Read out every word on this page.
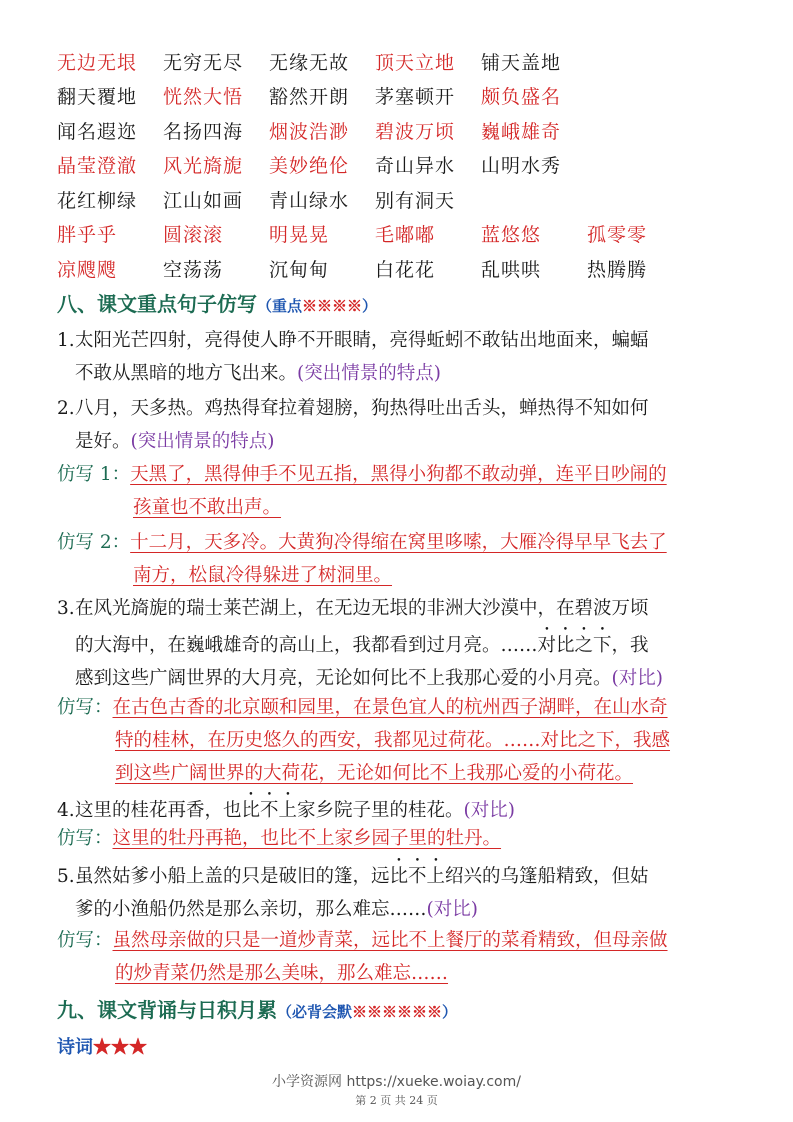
无边无垠	无穷无尽	无缘无故	顶天立地	铺天盖地
翻天覆地	恍然大悟	豁然开朗	茅塞顿开	颇负盛名
闻名遐迩	名扬四海	烟波浩渺	碧波万顷	巍峨雄奇
晶莹澄澈	风光旖旎	美妙绝伦	奇山异水	山明水秀
花红柳绿	江山如画	青山绿水	别有洞天
胖乎乎	圆滚滚	明晃晃	毛嘟嘟	蓝悠悠	孤零零
凉飕飕	空荡荡	沉甸甸	白花花	乱哄哄	热腾腾
八、课文重点句子仿写（重点※※※※）
1.太阳光芒四射，亮得使人睁不开眼睛，亮得蚯蚓不敢钻出地面来，蝙蝠
不敢从黑暗的地方飞出来。(突出情景的特点)
2.八月，天多热。鸡热得耷拉着翅膀，狗热得吐出舌头，蝉热得不知如何
是好。(突出情景的特点)
仿写 1：天黑了，黑得伸手不见五指，黑得小狗都不敢动弹，连平日吵闹的
孩童也不敢出声。
仿写 2：十二月，天多冷。大黄狗冷得缩在窝里哆嗦，大雁冷得早早飞去了
南方，松鼠冷得躲进了树洞里。
3.在风光旖旎的瑞士莱芒湖上，在无边无垠的非洲大沙漠中，在碧波万顷
的大海中，在巍峨雄奇的高山上，我都看到过月亮。……对比之下，我
感到这些广阔世界的大月亮，无论如何比不上我那心爱的小月亮。(对比)
仿写：在古色古香的北京颐和园里，在景色宜人的杭州西子湖畔，在山水奇
特的桂林，在历史悠久的西安，我都见过荷花。……对比之下，我感
到这些广阔世界的大荷花，无论如何比不上我那心爱的小荷花。
4.这里的桂花再香，也比不上家乡院子里的桂花。(对比)
仿写：这里的牡丹再艳，也比不上家乡园子里的牡丹。
5.虽然姑爹小船上盖的只是破旧的篷，远比不上绍兴的乌篷船精致，但姑
爹的小渔船仍然是那么亲切，那么难忘……(对比)
仿写：虽然母亲做的只是一道炒青菜，远比不上餐厅的菜肴精致，但母亲做
的炒青菜仍然是那么美味，那么难忘……
九、课文背诵与日积月累（必背会默※※※※※※）
诗词★★★
小学资源网 https://xueke.woiay.com/
第 2 页 共 24 页
